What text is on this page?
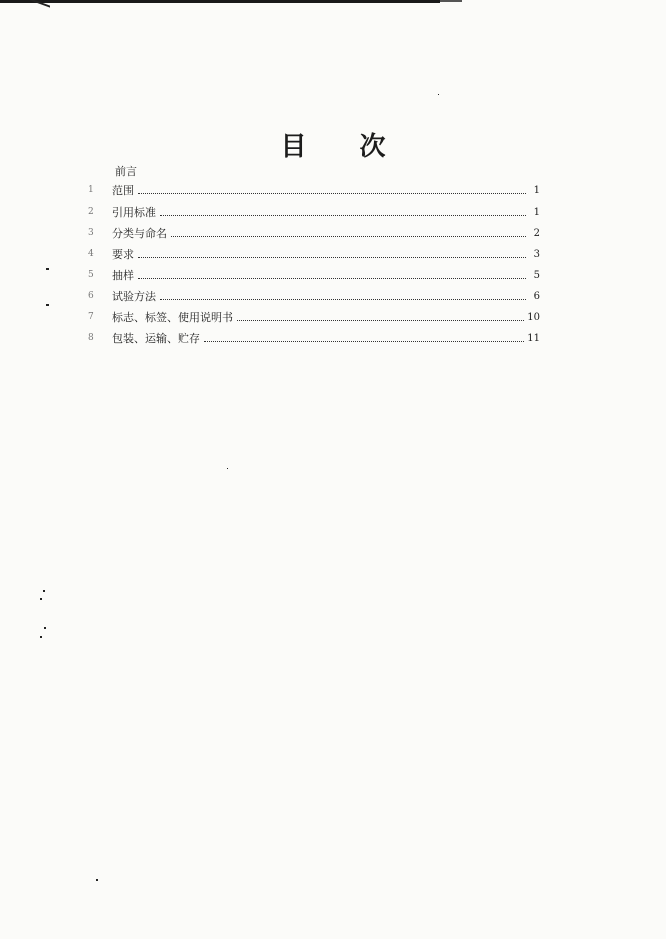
目 次
前言
1	范围	1
2	引用标准	1
3	分类与命名	2
4	要求	3
5	抽样	5
6	试验方法	6
7	标志、标签、使用说明书	10
8	包装、运输、贮存	11
